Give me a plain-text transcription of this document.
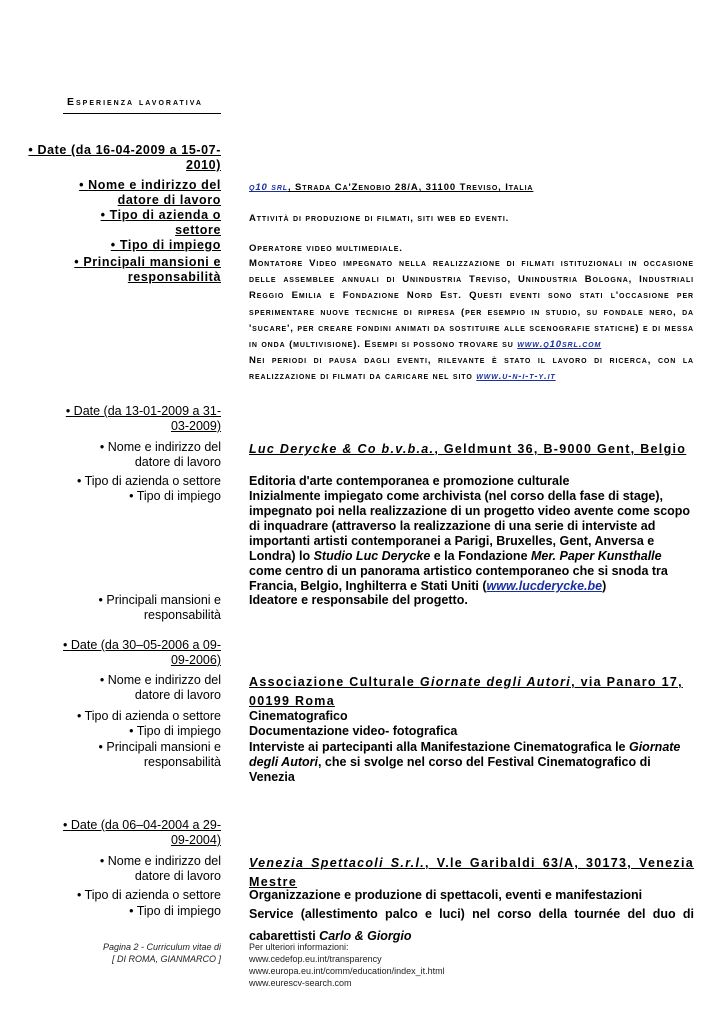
Esperienza lavorativa
• Date (da 16-04-2009 a 15-07-2010)
• Nome e indirizzo del datore di lavoro
• Tipo di azienda o settore
• Tipo di impiego
• Principali mansioni e responsabilità
q10 srl, Strada Ca'Zenobio 28/A, 31100 Treviso, Italia
Attività di produzione di filmati, siti web ed eventi.
Operatore video multimediale.
Montatore Video impegnato nella realizzazione di filmati istituzionali in occasione delle assemblee annuali di Unindustria Treviso, Unindustria Bologna, Industriali Reggio Emilia e Fondazione Nord Est. Questi eventi sono stati l'occasione per sperimentare nuove tecniche di ripresa (per esempio in studio, su fondale nero, da 'sucare', per creare fondini animati da sostituire alle scenografie statiche) e di messa in onda (multivisione). Esempi si possono trovare su www.q10srl.com
Nei periodi di pausa dagli eventi, rilevante è stato il lavoro di ricerca, con la realizzazione di filmati da caricare nel sito www.u-n-i-t-y.it
• Date (da 13-01-2009 a 31-03-2009)
• Nome e indirizzo del datore di lavoro
• Tipo di azienda o settore
• Tipo di impiego
• Principali mansioni e responsabilità
Luc Derycke & Co b.v.b.a., Geldmunt 36, B-9000 Gent, Belgio
Editoria d'arte contemporanea e promozione culturale
Inizialmente impiegato come archivista (nel corso della fase di stage), impegnato poi nella realizzazione di un progetto video avente come scopo di inquadrare (attraverso la realizzazione di una serie di interviste ad importanti artisti contemporanei a Parigi, Bruxelles, Gent, Anversa e Londra) lo Studio Luc Derycke e la Fondazione Mer. Paper Kunsthalle come centro di un panorama artistico contemporaneo che si snoda tra Francia, Belgio, Inghilterra e Stati Uniti (www.lucderycke.be)
Ideatore e responsabile del progetto.
• Date (da 30–05-2006 a 09-09-2006)
• Nome e indirizzo del datore di lavoro
• Tipo di azienda o settore
• Tipo di impiego
• Principali mansioni e responsabilità
Associazione Culturale Giornate degli Autori, via Panaro 17, 00199 Roma
Cinematografico
Documentazione video- fotografica
Interviste ai partecipanti alla Manifestazione Cinematografica le Giornate degli Autori, che si svolge nel corso del Festival Cinematografico di Venezia
• Date (da 06–04-2004 a 29-09-2004)
• Nome e indirizzo del datore di lavoro
• Tipo di azienda o settore
• Tipo di impiego
Venezia Spettacoli S.r.l., V.le Garibaldi 63/A, 30173, Venezia Mestre
Organizzazione e produzione di spettacoli, eventi e manifestazioni
Service (allestimento palco e luci) nel corso della tournée del duo di cabarettisti Carlo & Giorgio
Pagina 2 - Curriculum vitae di
[ DI ROMA, GIANMARCO ]
Per ulteriori informazioni:
www.cedefop.eu.int/transparency
www.europa.eu.int/comm/education/index_it.html
www.eurescv-search.com
